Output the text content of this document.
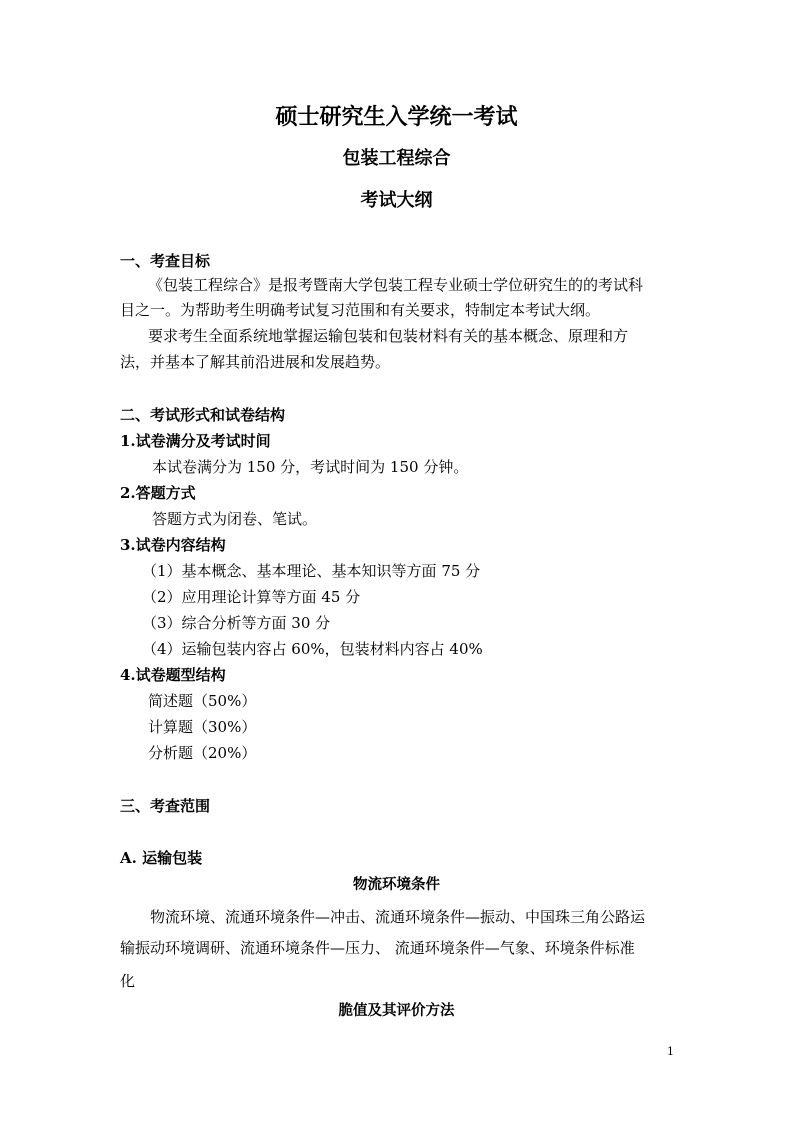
硕士研究生入学统一考试
包装工程综合
考试大纲
一、考查目标
《包装工程综合》是报考暨南大学包装工程专业硕士学位研究生的的考试科
目之一。为帮助考生明确考试复习范围和有关要求，特制定本考试大纲。
要求考生全面系统地掌握运输包装和包装材料有关的基本概念、原理和方
法，并基本了解其前沿进展和发展趋势。
二、考试形式和试卷结构
1.试卷满分及考试时间
本试卷满分为 150 分，考试时间为 150 分钟。
2.答题方式
答题方式为闭卷、笔试。
3.试卷内容结构
（1）基本概念、基本理论、基本知识等方面 75 分
（2）应用理论计算等方面 45 分
（3）综合分析等方面 30 分
（4）运输包装内容占 60%，包装材料内容占 40%
4.试卷题型结构
简述题（50%）
计算题（30%）
分析题（20%）
三、考查范围
A. 运输包装
物流环境条件
物流环境、流通环境条件—冲击、流通环境条件—振动、中国珠三角公路运
输振动环境调研、流通环境条件—压力、 流通环境条件—气象、环境条件标准
化
脆值及其评价方法
1
